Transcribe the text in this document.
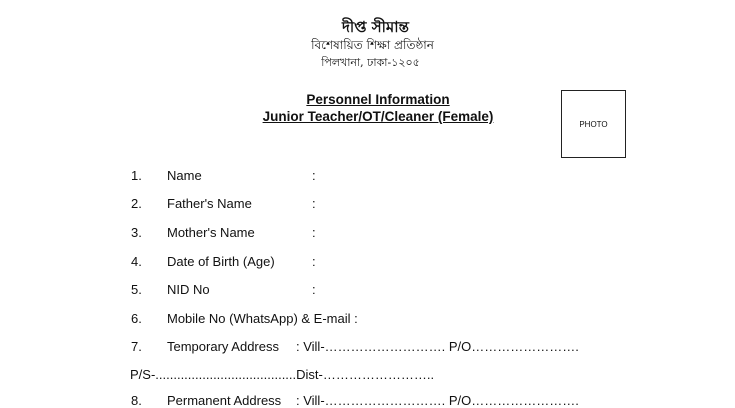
দীপ্ত সীমান্ত
বিশেষায়িত শিক্ষা প্রতিষ্ঠান
পিলখানা, ঢাকা-১২০৫
Personnel Information
Junior Teacher/OT/Cleaner (Female)	PHOTO
1. Name	:
2. Father's Name	:
3. Mother's Name	:
4. Date of Birth (Age)	:
5. NID No	:
6. Mobile No (WhatsApp) & E-mail :
7. Temporary Address : Vill-………………………. P/O…………………….
P/S-.......................................Dist-……………………..
8. Permanent Address : Vill-………………………. P/O…………………….
